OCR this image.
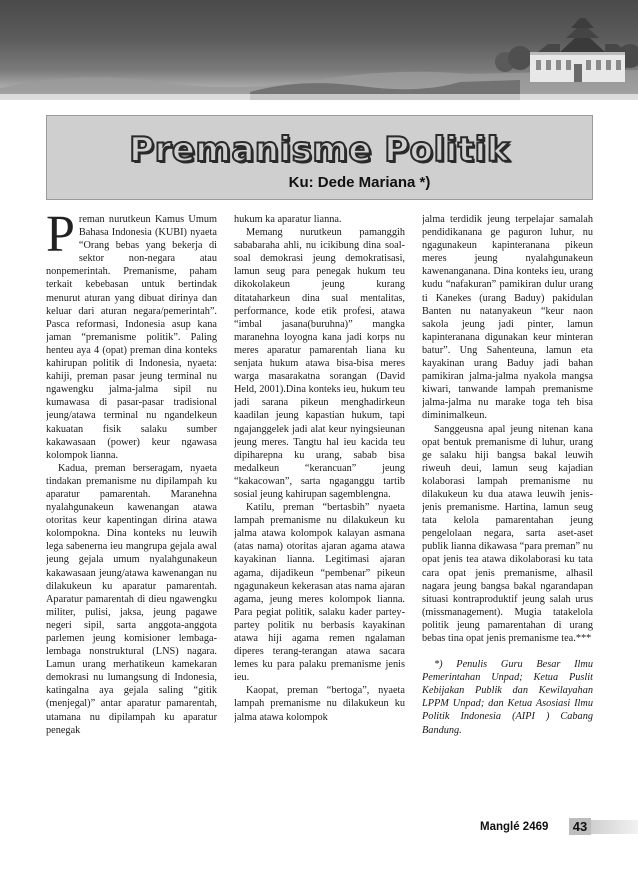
Premanisme Politik
Ku: Dede Mariana *)

Preman nurutkeun Kamus Umum Bahasa Indonesia (KUBI) nyaeta “Orang bebas yang bekerja di sektor non-negara atau nonpemerintah. Premanisme, paham terkait kebebasan untuk bertindak menurut aturan yang dibuat dirinya dan keluar dari aturan negara/pemerintah”. Pasca reformasi, Indonesia asup kana jaman “premanisme politik”. Paling henteu aya 4 (opat) preman dina konteks kahirupan politik di Indonesia, nyaeta: kahiji, preman pasar jeung terminal nu ngawengku jalma-jalma sipil nu kumawasa di pasar-pasar tradisional jeung/atawa terminal nu ngandelkeun kakuatan fisik salaku sumber kakawasaan (power) keur ngawasa kolompok lianna.

Kadua, preman berseragam, nyaeta tindakan premanisme nu dipilampah ku aparatur pamarentah. Maranehna nyalahgunakeun kawenangan atawa otoritas keur kapentingan dirina atawa kolompokna. Dina konteks nu leuwih lega sabenerna ieu mangrupa gejala awal jeung gejala umum nyalahgunakeun kakawasaan jeung/atawa kawenangan nu dilakukeun ku aparatur pamarentah. Aparatur pamarentah di dieu ngawengku militer, pulisi, jaksa, jeung pagawe negeri sipil, sarta anggota-anggota parlemen jeung komisioner lembaga-lembaga nonstruktural (LNS) nagara. Lamun urang merhatikeun kamekaran demokrasi nu lumangsung di Indonesia, katingalna aya gejala saling “gitik (menjegal)” antar aparatur pamarentah, utamana nu dipilampah ku aparatur penegak

hukum ka aparatur lianna.

Memang nurutkeun pamanggih sababaraha ahli, nu icikibung dina soal-soal demokrasi jeung demokratisasi, lamun seug para penegak hukum teu dikokolakeun jeung kurang ditataharkeun dina sual mentalitas, performance, kode etik profesi, atawa “imbal jasana(buruhna)” mangka maranehna loyogna kana jadi korps nu meres aparatur pamarentah liana ku senjata hukum atawa bisa-bisa meres warga masarakatna sorangan (David Held, 2001).Dina konteks ieu, hukum teu jadi sarana pikeun menghadirkeun kaadilan jeung kapastian hukum, tapi ngajanggelek jadi alat keur nyingsieunan jeung meres. Tangtu hal ieu kacida teu dipiharepna ku urang, sabab bisa medalkeun “kerancuan” jeung “kakacowan”, sarta ngaganggu tartib sosial jeung kahirupan sagemblengna.

Katilu, preman “bertasbih” nyaeta lampah premanisme nu dilakukeun ku jalma atawa kolompok kalayan asmana (atas nama) otoritas ajaran agama atawa kayakinan lianna. Legitimasi ajaran agama, dijadikeun “pembenar” pikeun ngagunakeun kekerasan atas nama ajaran agama, jeung meres kolompok lianna. Para pegiat politik, salaku kader partey-partey politik nu berbasis kayakinan atawa hiji agama remen ngalaman diperes terang-terangan atawa sacara lemes ku para palaku premanisme jenis ieu.

Kaopat, preman “bertoga”, nyaeta lampah premanisme nu dilakukeun ku jalma atawa kolompok

jalma terdidik jeung terpelajar samalah pendidikanana ge paguron luhur, nu ngagunakeun kapinteranana pikeun meres jeung nyalahgunakeun kawenanganana. Dina konteks ieu, urang kudu “nafakuran” pamikiran dulur urang ti Kanekes (urang Baduy) pakidulan Banten nu natanyakeun “keur naon sakola jeung jadi pinter, lamun kapinteranana digunakan keur minteran batur”. Ung Sahenteuna, lamun eta kayakinan urang Baduy jadi bahan pamikiran jalma-jalma nyakola mangsa kiwari, tanwande lampah premanisme jalma-jalma nu marake toga teh bisa diminimalkeun.

Sanggeusna apal jeung nitenan kana opat bentuk premanisme di luhur, urang ge salaku hiji bangsa bakal leuwih riweuh deui, lamun seug kajadian kolaborasi lampah premanisme nu dilakukeun ku dua atawa leuwih jenis-jenis premanisme. Hartina, lamun seug tata kelola pamarentahan jeung pengelolaan negara, sarta aset-aset publik lianna dikawasa “para preman” nu opat jenis tea atawa dikolaborasi ku tata cara opat jenis premanisme, alhasil nagara jeung bangsa bakal ngarandapan situasi kontraproduktif jeung salah urus (missmanagement). Mugia tatakelola politik jeung pamarentahan di urang bebas tina opat jenis premanisme tea.***

*) Penulis Guru Besar Ilmu Pemerintahan Unpad; Ketua Puslit Kebijakan Publik dan Kewilayahan LPPM Unpad; dan Ketua Asosiasi Ilmu Politik Indonesia (AIPI ) Cabang Bandung.

Manglé 2469 43
